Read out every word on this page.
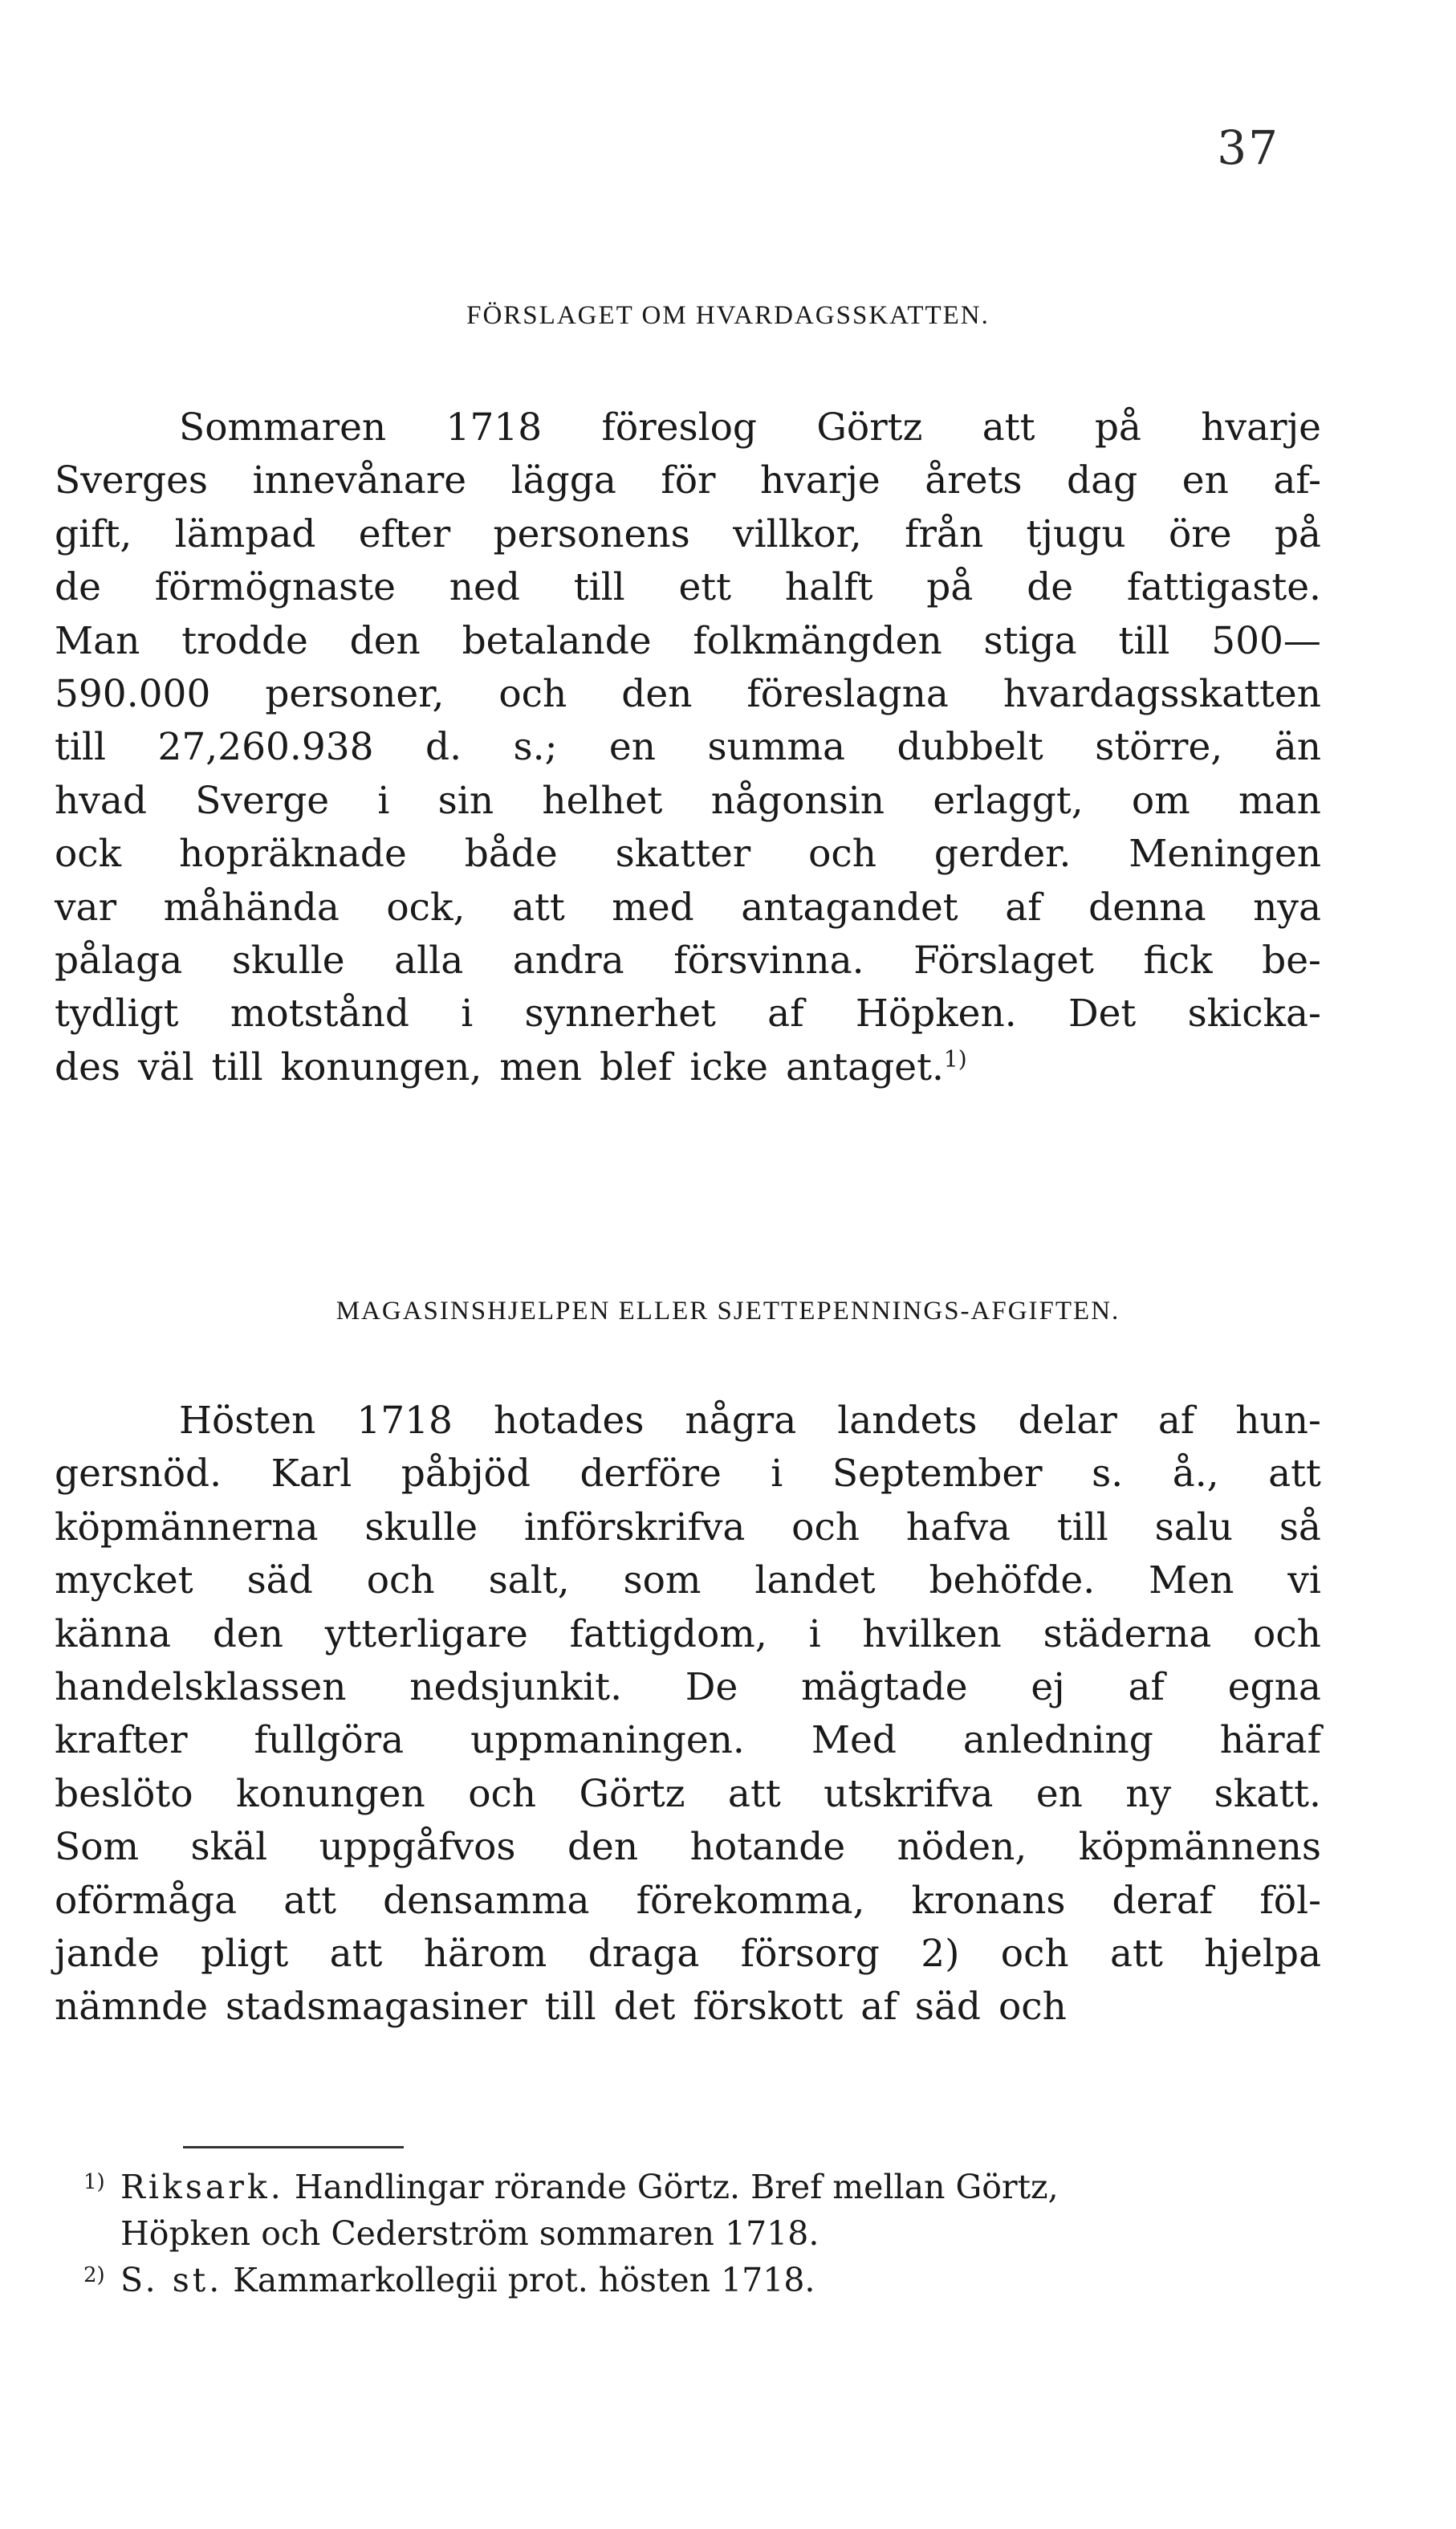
37
FÖRSLAGET OM HVARDAGSSKATTEN.
Sommaren 1718 föreslog Görtz att på hvarje
Sverges innevånare lägga för hvarje årets dag en af-
gift, lämpad efter personens villkor, från tjugu öre på
de förmögnaste ned till ett halft på de fattigaste.
Man trodde den betalande folkmängden stiga till 500—
590.000 personer, och den föreslagna hvardagsskatten
till 27,260.938 d. s.; en summa dubbelt större, än
hvad Sverge i sin helhet någonsin erlaggt, om man
ock hopräknade både skatter och gerder. Meningen
var måhända ock, att med antagandet af denna nya
pålaga skulle alla andra försvinna. Förslaget fick be-
tydligt motstånd i synnerhet af Höpken. Det skicka-
des väl till konungen, men blef icke antaget.$^{1)}$
MAGASINSHJELPEN ELLER SJETTEPENNINGS-AFGIFTEN.
Hösten 1718 hotades några landets delar af hun-
gersnöd. Karl påbjöd derföre i September s. å., att
köpmännerna skulle införskrifva och hafva till salu så
mycket säd och salt, som landet behöfde. Men vi
känna den ytterligare fattigdom, i hvilken städerna och
handelsklassen nedsjunkit. De mägtade ej af egna
krafter fullgöra uppmaningen. Med anledning häraf
beslöto konungen och Görtz att utskrifva en ny skatt.
Som skäl uppgåfvos den hotande nöden, köpmännens
oförmåga att densamma förekomma, kronans deraf föl-
jande pligt att härom draga försorg 2) och att hjelpa
nämnde stadsmagasiner till det förskott af säd och
1) Riksark. Handlingar rörande Görtz. Bref mellan Görtz,
Höpken och Cederström sommaren 1718.
2) S. st. Kammarkollegii prot. hösten 1718.
